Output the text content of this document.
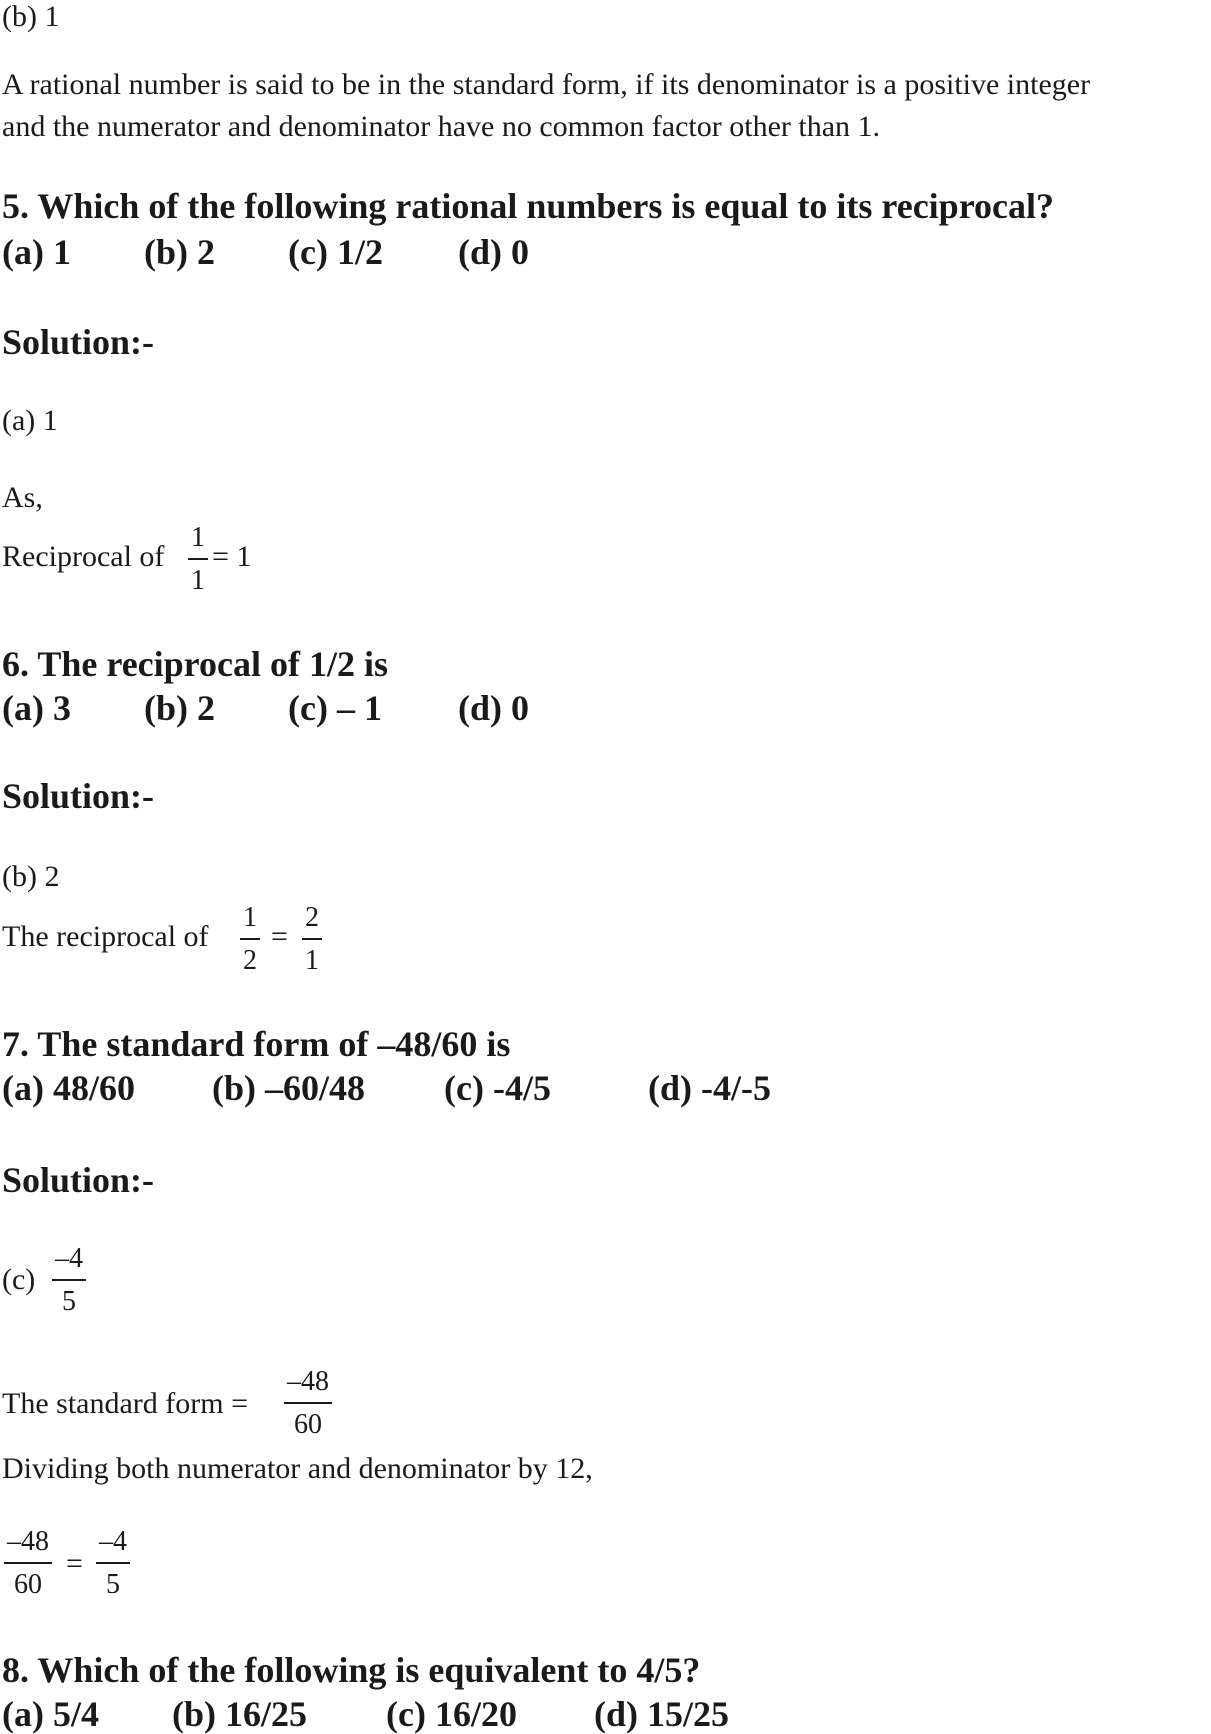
(b) 1
A rational number is said to be in the standard form, if its denominator is a positive integer
and the numerator and denominator have no common factor other than 1.
5. Which of the following rational numbers is equal to its reciprocal?
(a) 1 (b) 2 (c) 1/2 (d) 0
Solution:-
(a) 1
As,
Reciprocal of
1
1
= 1
6. The reciprocal of 1/2 is
(a) 3 (b) 2 (c) – 1 (d) 0
Solution:-
(b) 2
The reciprocal of
1
2
=
2
1
7. The standard form of –48/60 is
(a) 48/60 (b) –60/48 (c) -4/5	(d) -4/-5
Solution:-
(c)
–4
5
The standard form =
–48
60
Dividing both numerator and denominator by 12,
–48
60
=
–4
5
8. Which of the following is equivalent to 4/5?
(a) 5/4 (b) 16/25 (c) 16/20 (d) 15/25
